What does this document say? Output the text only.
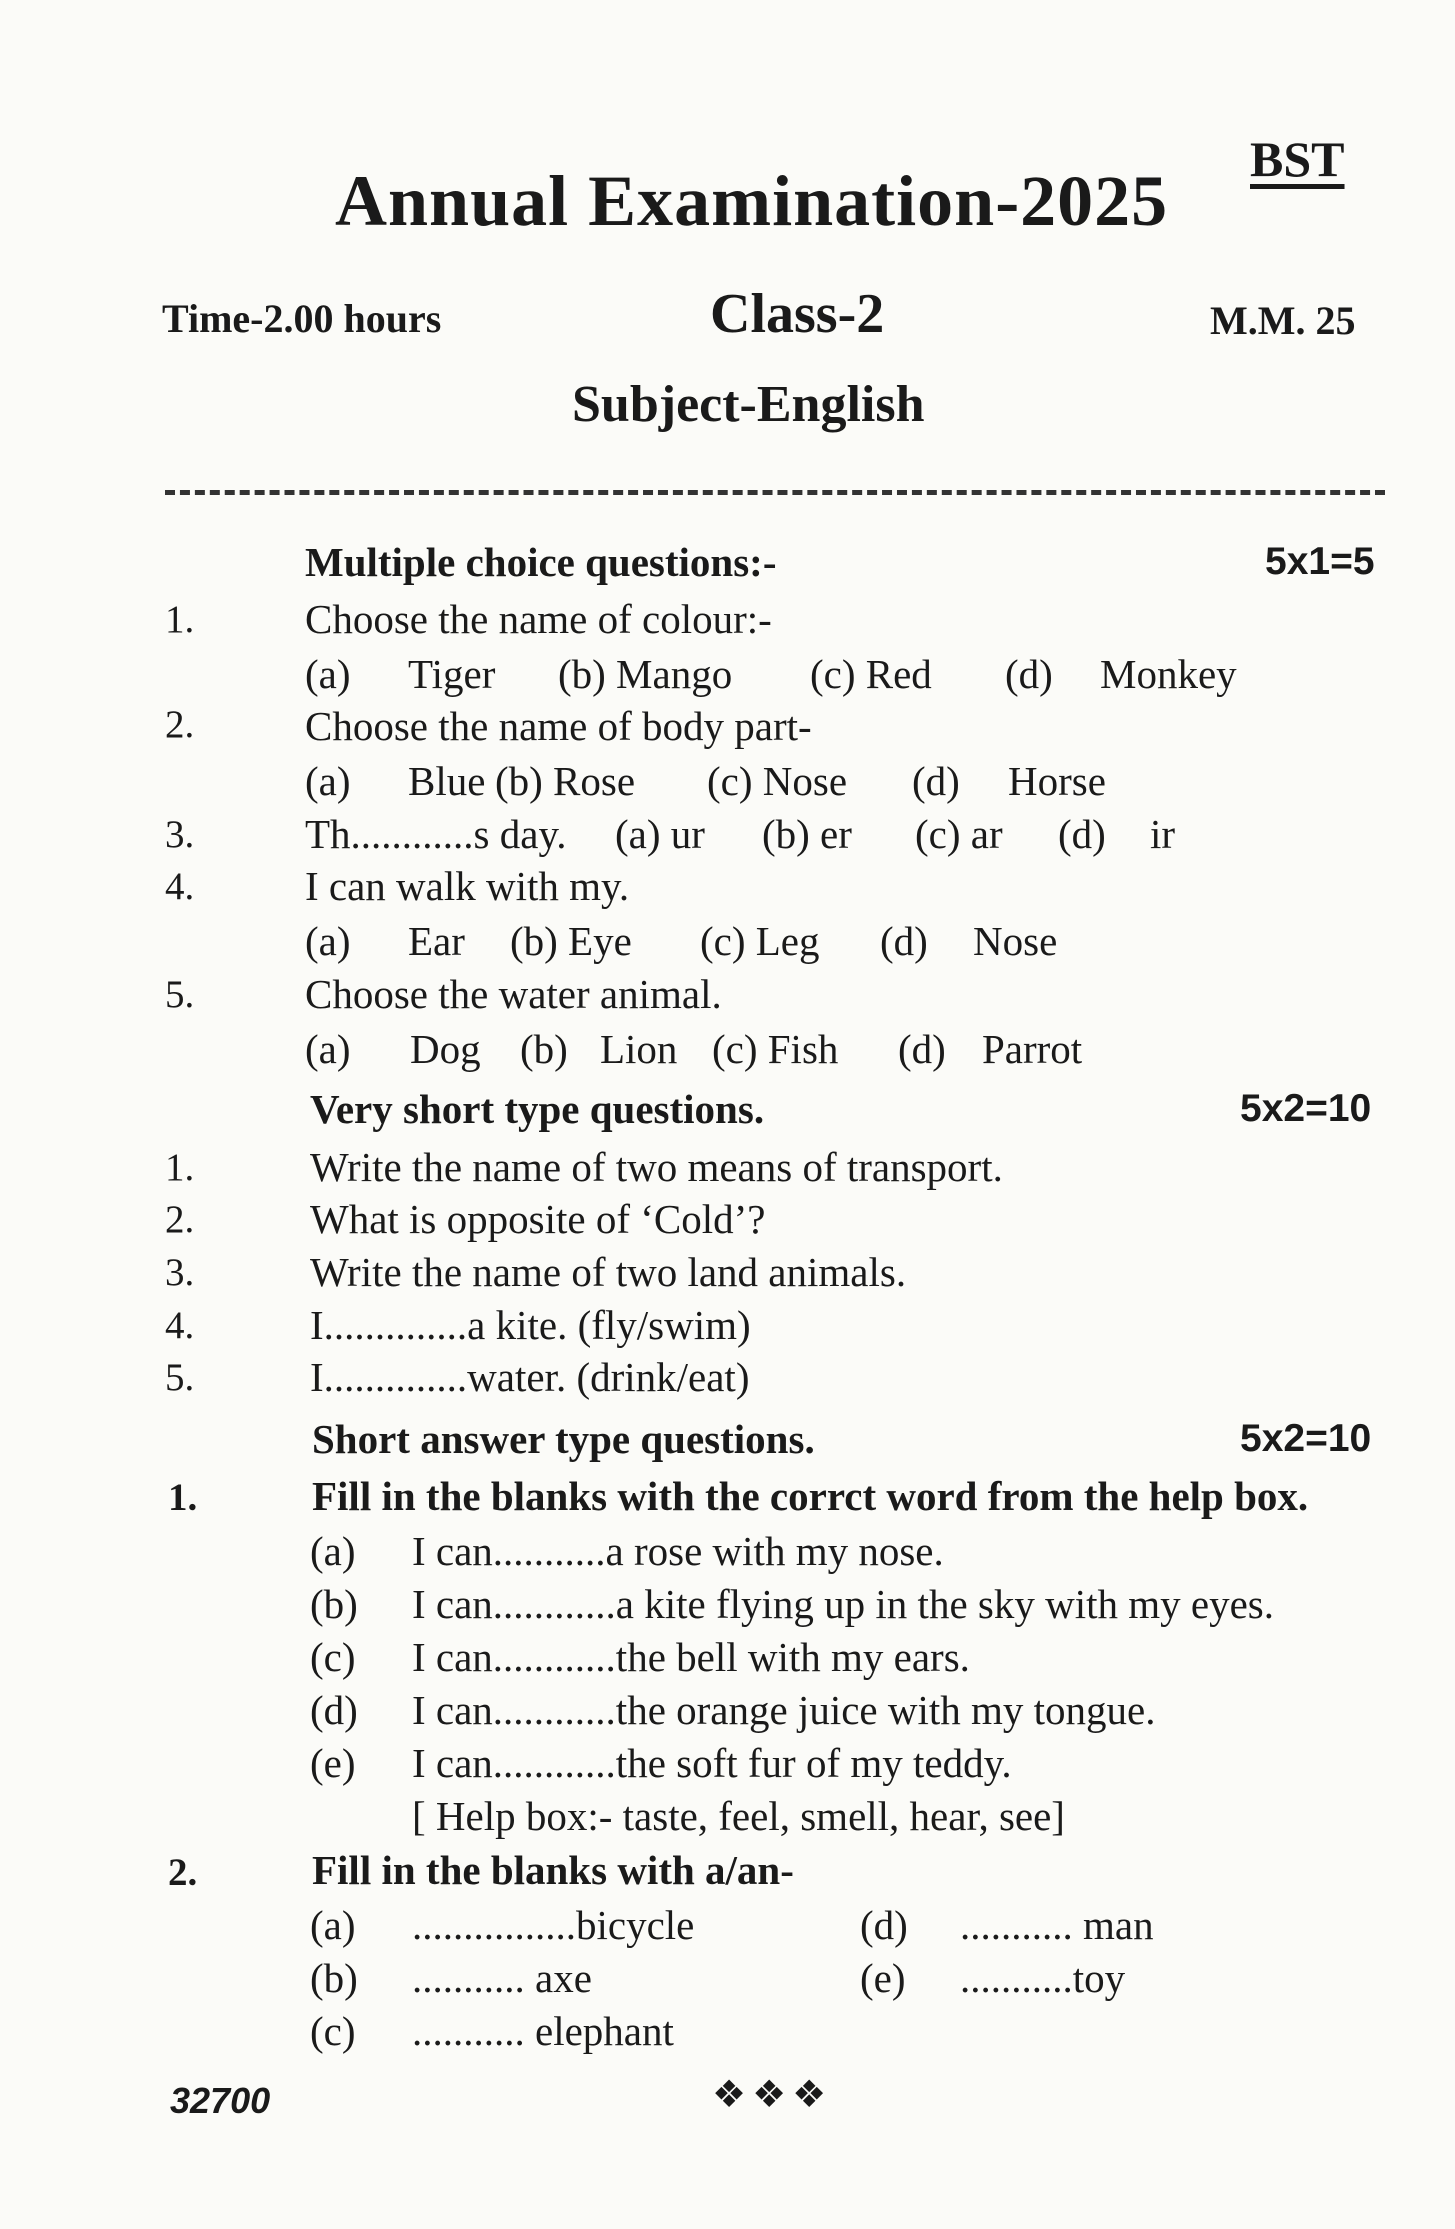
BST
Annual Examination-2025
Time-2.00 hours	Class-2	M.M. 25
Subject-English
Multiple choice questions:-	5x1=5
1.	Choose the name of colour:-
(a) Tiger (b) Mango (c) Red (d) Monkey
2.	Choose the name of body part-
(a) Blue (b) Rose (c) Nose (d) Horse
3.	Th............s day. (a) ur (b) er (c) ar (d) ir
4.	I can walk with my.
(a) Ear (b) Eye (c) Leg (d) Nose
5.	Choose the water animal.
(a) Dog (b) Lion (c) Fish (d) Parrot
Very short type questions.	5x2=10
1.	Write the name of two means of transport.
2.	What is opposite of ‘Cold’?
3.	Write the name of two land animals.
4.	I..............a kite. (fly/swim)
5.	I..............water. (drink/eat)
Short answer type questions.	5x2=10
1.	Fill in the blanks with the corrct word from the help box.
(a) I can...........a rose with my nose.
(b) I can............a kite flying up in the sky with my eyes.
(c) I can............the bell with my ears.
(d) I can............the orange juice with my tongue.
(e) I can............the soft fur of my teddy.
[ Help box:- taste, feel, smell, hear, see]
2.	Fill in the blanks with a/an-
(a) ................bicycle	(d) ........... man
(b) ........... axe	(e) ...........toy
(c) ........... elephant
32700	❖❖❖
